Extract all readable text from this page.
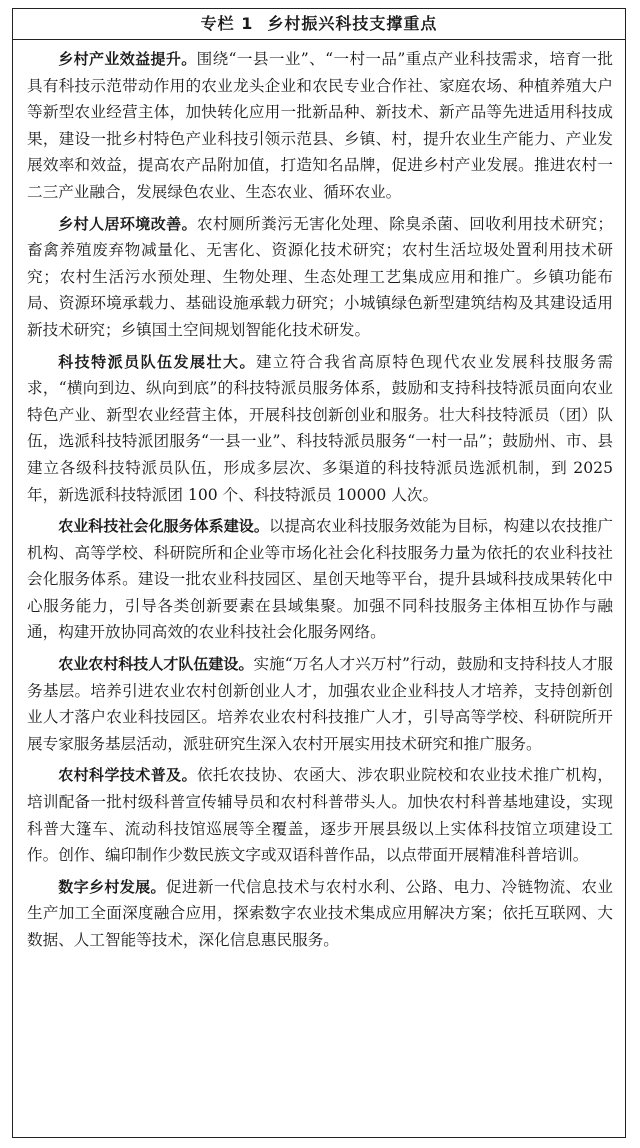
专栏 1 乡村振兴科技支撑重点

乡村产业效益提升。围绕“一县一业”、“一村一品”重点产业科技需求，培育一批具有科技示范带动作用的农业龙头企业和农民专业合作社、家庭农场、种植养殖大户等新型农业经营主体，加快转化应用一批新品种、新技术、新产品等先进适用科技成果，建设一批乡村特色产业科技引领示范县、乡镇、村，提升农业生产能力、产业发展效率和效益，提高农产品附加值，打造知名品牌，促进乡村产业发展。推进农村一二三产业融合，发展绿色农业、生态农业、循环农业。

乡村人居环境改善。农村厕所粪污无害化处理、除臭杀菌、回收利用技术研究；畜禽养殖废弃物减量化、无害化、资源化技术研究；农村生活垃圾处置利用技术研究；农村生活污水预处理、生物处理、生态处理工艺集成应用和推广。乡镇功能布局、资源环境承载力、基础设施承载力研究；小城镇绿色新型建筑结构及其建设适用新技术研究；乡镇国土空间规划智能化技术研发。

科技特派员队伍发展壮大。建立符合我省高原特色现代农业发展科技服务需求，“横向到边、纵向到底”的科技特派员服务体系，鼓励和支持科技特派员面向农业特色产业、新型农业经营主体，开展科技创新创业和服务。壮大科技特派员（团）队伍，选派科技特派团服务“一县一业”、科技特派员服务“一村一品”；鼓励州、市、县建立各级科技特派员队伍，形成多层次、多渠道的科技特派员选派机制，到 2025 年，新选派科技特派团 100 个、科技特派员 10000 人次。

农业科技社会化服务体系建设。以提高农业科技服务效能为目标，构建以农技推广机构、高等学校、科研院所和企业等市场化社会化科技服务力量为依托的农业科技社会化服务体系。建设一批农业科技园区、星创天地等平台，提升县域科技成果转化中心服务能力，引导各类创新要素在县域集聚。加强不同科技服务主体相互协作与融通，构建开放协同高效的农业科技社会化服务网络。

农业农村科技人才队伍建设。实施“万名人才兴万村”行动，鼓励和支持科技人才服务基层。培养引进农业农村创新创业人才，加强农业企业科技人才培养，支持创新创业人才落户农业科技园区。培养农业农村科技推广人才，引导高等学校、科研院所开展专家服务基层活动，派驻研究生深入农村开展实用技术研究和推广服务。

农村科学技术普及。依托农技协、农函大、涉农职业院校和农业技术推广机构，培训配备一批村级科普宣传辅导员和农村科普带头人。加快农村科普基地建设，实现科普大篷车、流动科技馆巡展等全覆盖，逐步开展县级以上实体科技馆立项建设工作。创作、编印制作少数民族文字或双语科普作品，以点带面开展精准科普培训。

数字乡村发展。促进新一代信息技术与农村水利、公路、电力、冷链物流、农业生产加工全面深度融合应用，探索数字农业技术集成应用解决方案；依托互联网、大数据、人工智能等技术，深化信息惠民服务。
